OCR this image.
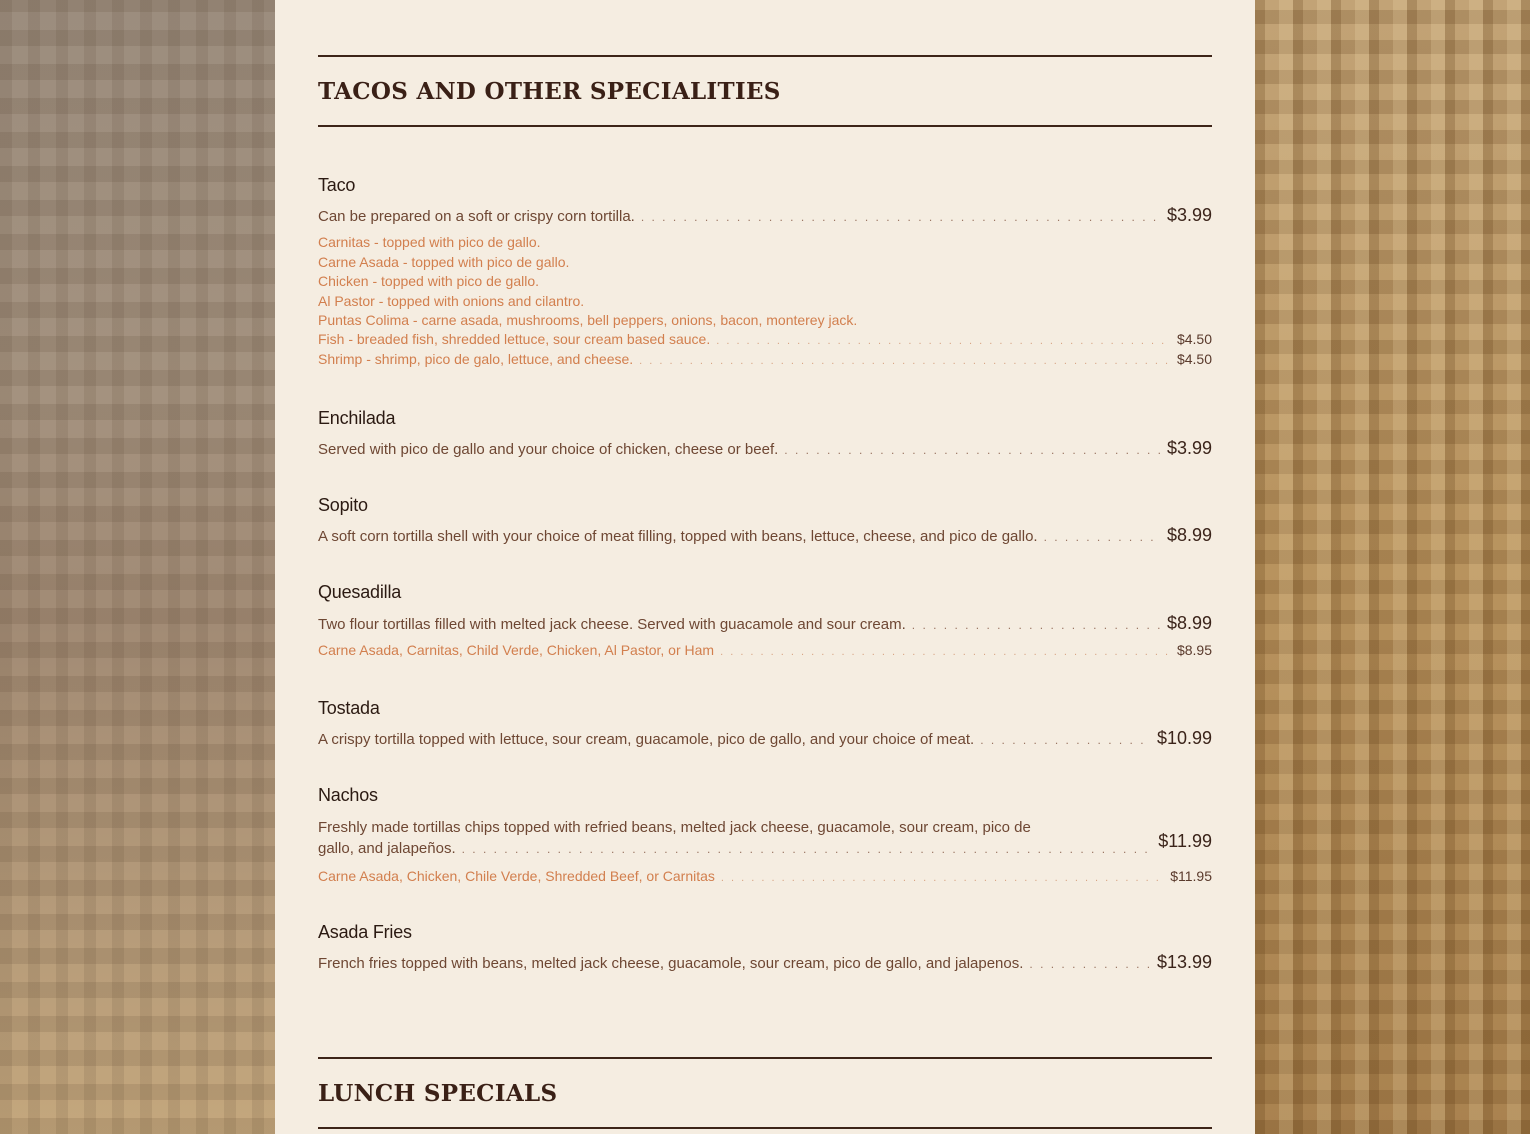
TACOS AND OTHER SPECIALITIES
Taco
Can be prepared on a soft or crispy corn tortilla. . . .	$3.99
Carnitas - topped with pico de gallo.
Carne Asada - topped with pico de gallo.
Chicken - topped with pico de gallo.
Al Pastor - topped with onions and cilantro.
Puntas Colima - carne asada, mushrooms, bell peppers, onions, bacon, monterey jack.
Fish - breaded fish, shredded lettuce, sour cream based sauce. . . .	$4.50
Shrimp - shrimp, pico de galo, lettuce, and cheese. . . .	$4.50
Enchilada
Served with pico de gallo and your choice of chicken, cheese or beef. . . .	$3.99
Sopito
A soft corn tortilla shell with your choice of meat filling, topped with beans, lettuce, cheese, and pico de gallo. . . .	$8.99
Quesadilla
Two flour tortillas filled with melted jack cheese. Served with guacamole and sour cream. . . .	$8.99
Carne Asada, Carnitas, Child Verde, Chicken, Al Pastor, or Ham . . .	$8.95
Tostada
A crispy tortilla topped with lettuce, sour cream, guacamole, pico de gallo, and your choice of meat. . . .	$10.99
Nachos
Freshly made tortillas chips topped with refried beans, melted jack cheese, guacamole, sour cream, pico de
gallo, and jalapeños. . . .	$11.99
Carne Asada, Chicken, Chile Verde, Shredded Beef, or Carnitas . . .	$11.95
Asada Fries
French fries topped with beans, melted jack cheese, guacamole, sour cream, pico de gallo, and jalapenos. . . .	$13.99
LUNCH SPECIALS
